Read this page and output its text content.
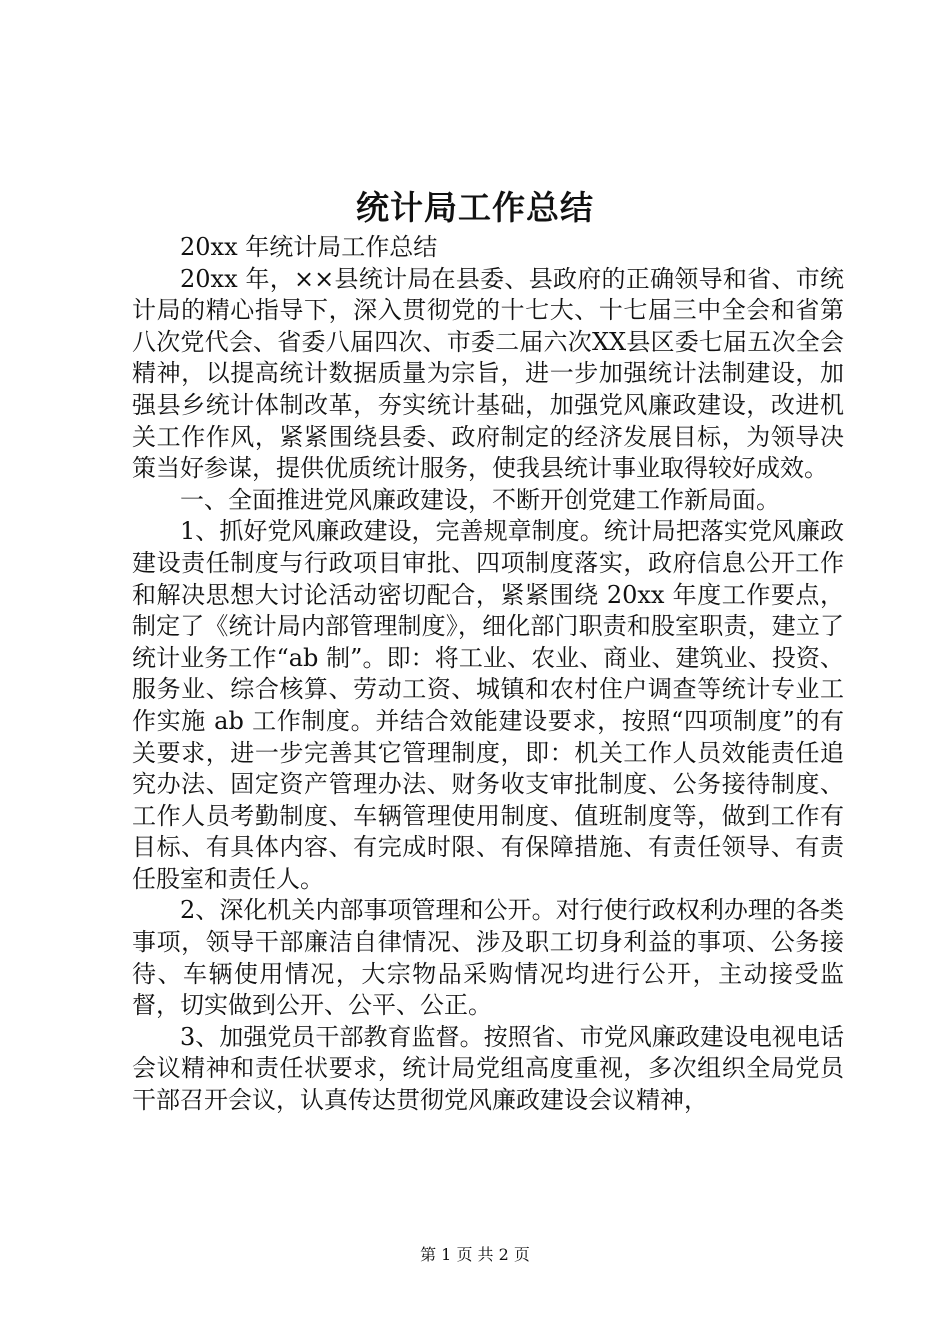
统计局工作总结

20xx 年统计局工作总结

20xx 年，××县统计局在县委、县政府的正确领导和省、市统计局的精心指导下，深入贯彻党的十七大、十七届三中全会和省第八次党代会、省委八届四次、市委二届六次XX县区委七届五次全会精神，以提高统计数据质量为宗旨，进一步加强统计法制建设，加强县乡统计体制改革，夯实统计基础，加强党风廉政建设，改进机关工作作风，紧紧围绕县委、政府制定的经济发展目标，为领导决策当好参谋，提供优质统计服务，使我县统计事业取得较好成效。

一、全面推进党风廉政建设，不断开创党建工作新局面。

1、抓好党风廉政建设，完善规章制度。统计局把落实党风廉政建设责任制度与行政项目审批、四项制度落实，政府信息公开工作和解决思想大讨论活动密切配合，紧紧围绕 20xx 年度工作要点，制定了《统计局内部管理制度》，细化部门职责和股室职责，建立了统计业务工作“ab 制”。即：将工业、农业、商业、建筑业、投资、服务业、综合核算、劳动工资、城镇和农村住户调查等统计专业工作实施 ab 工作制度。并结合效能建设要求，按照“四项制度”的有关要求，进一步完善其它管理制度，即：机关工作人员效能责任追究办法、固定资产管理办法、财务收支审批制度、公务接待制度、工作人员考勤制度、车辆管理使用制度、值班制度等，做到工作有目标、有具体内容、有完成时限、有保障措施、有责任领导、有责任股室和责任人。

2、深化机关内部事项管理和公开。对行使行政权利办理的各类事项，领导干部廉洁自律情况、涉及职工切身利益的事项、公务接待、车辆使用情况，大宗物品采购情况均进行公开，主动接受监督，切实做到公开、公平、公正。

3、加强党员干部教育监督。按照省、市党风廉政建设电视电话会议精神和责任状要求，统计局党组高度重视，多次组织全局党员干部召开会议，认真传达贯彻党风廉政建设会议精神，

第 1 页 共 2 页
